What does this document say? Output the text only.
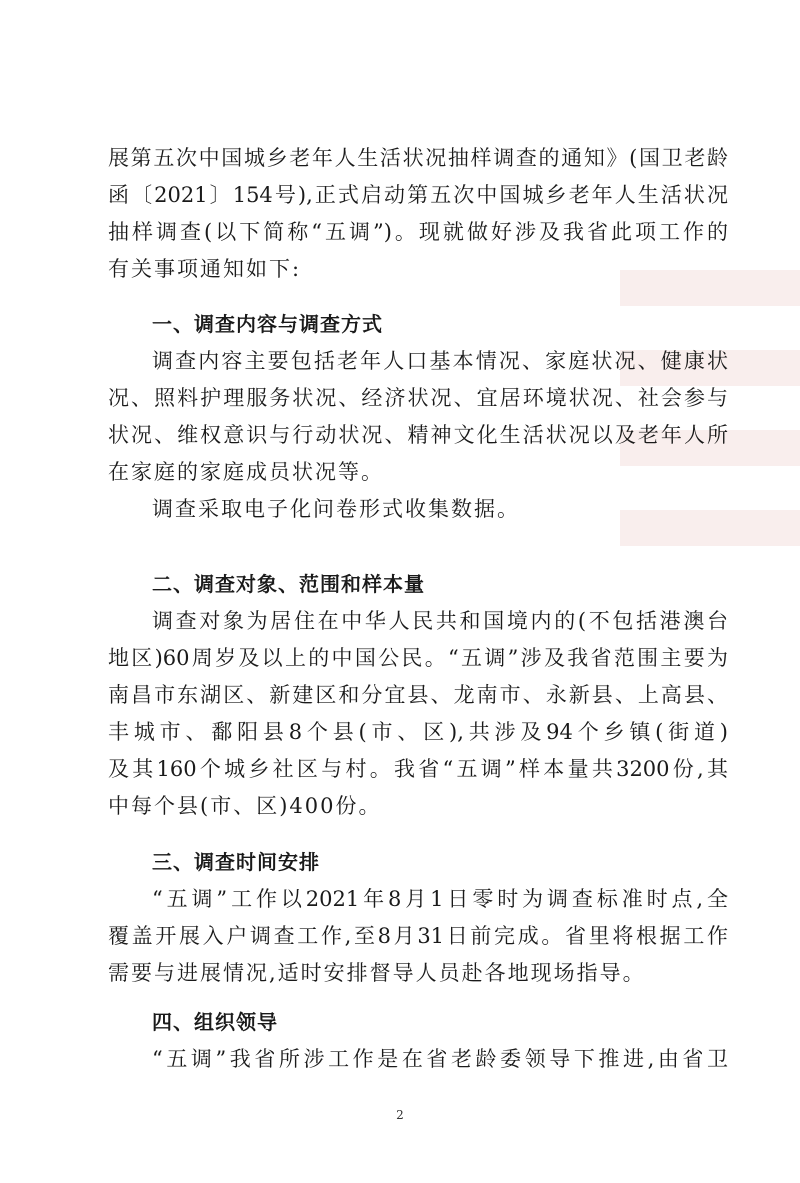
展第五次中国城乡老年人生活状况抽样调查的通知》(国卫老龄
函〔2021〕154号),正式启动第五次中国城乡老年人生活状况
抽样调查(以下简称“五调”)。现就做好涉及我省此项工作的
有关事项通知如下:
一、调查内容与调查方式
调查内容主要包括老年人口基本情况、家庭状况、健康状
况、照料护理服务状况、经济状况、宜居环境状况、社会参与
状况、维权意识与行动状况、精神文化生活状况以及老年人所
在家庭的家庭成员状况等。
调查采取电子化问卷形式收集数据。
二、调查对象、范围和样本量
调查对象为居住在中华人民共和国境内的(不包括港澳台
地区)60周岁及以上的中国公民。“五调”涉及我省范围主要为
南昌市东湖区、新建区和分宜县、龙南市、永新县、上高县、
丰城市、鄱阳县8个县(市、区),共涉及94个乡镇(街道)
及其160个城乡社区与村。我省“五调”样本量共3200份,其
中每个县(市、区)400份。
三、调查时间安排
“五调”工作以2021年8月1日零时为调查标准时点,全
覆盖开展入户调查工作,至8月31日前完成。省里将根据工作
需要与进展情况,适时安排督导人员赴各地现场指导。
四、组织领导
“五调”我省所涉工作是在省老龄委领导下推进,由省卫
2
